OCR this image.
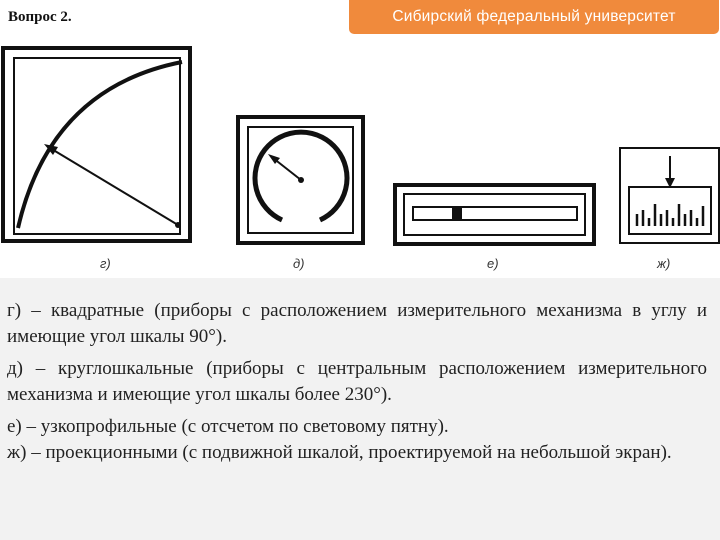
Вопрос 2.	Сибирский федеральный университет
г)	д)	е)	ж)
г) – квадратные (приборы с расположением измерительного механизма в углу и имеющие угол шкалы 90°).
д) – круглошкальные (приборы с центральным расположением измерительного механизма и имеющие угол шкалы более 230°).
е) – узкопрофильные (с отсчетом по световому пятну).
ж) – проекционными (с подвижной шкалой, проектируемой на небольшой экран).
